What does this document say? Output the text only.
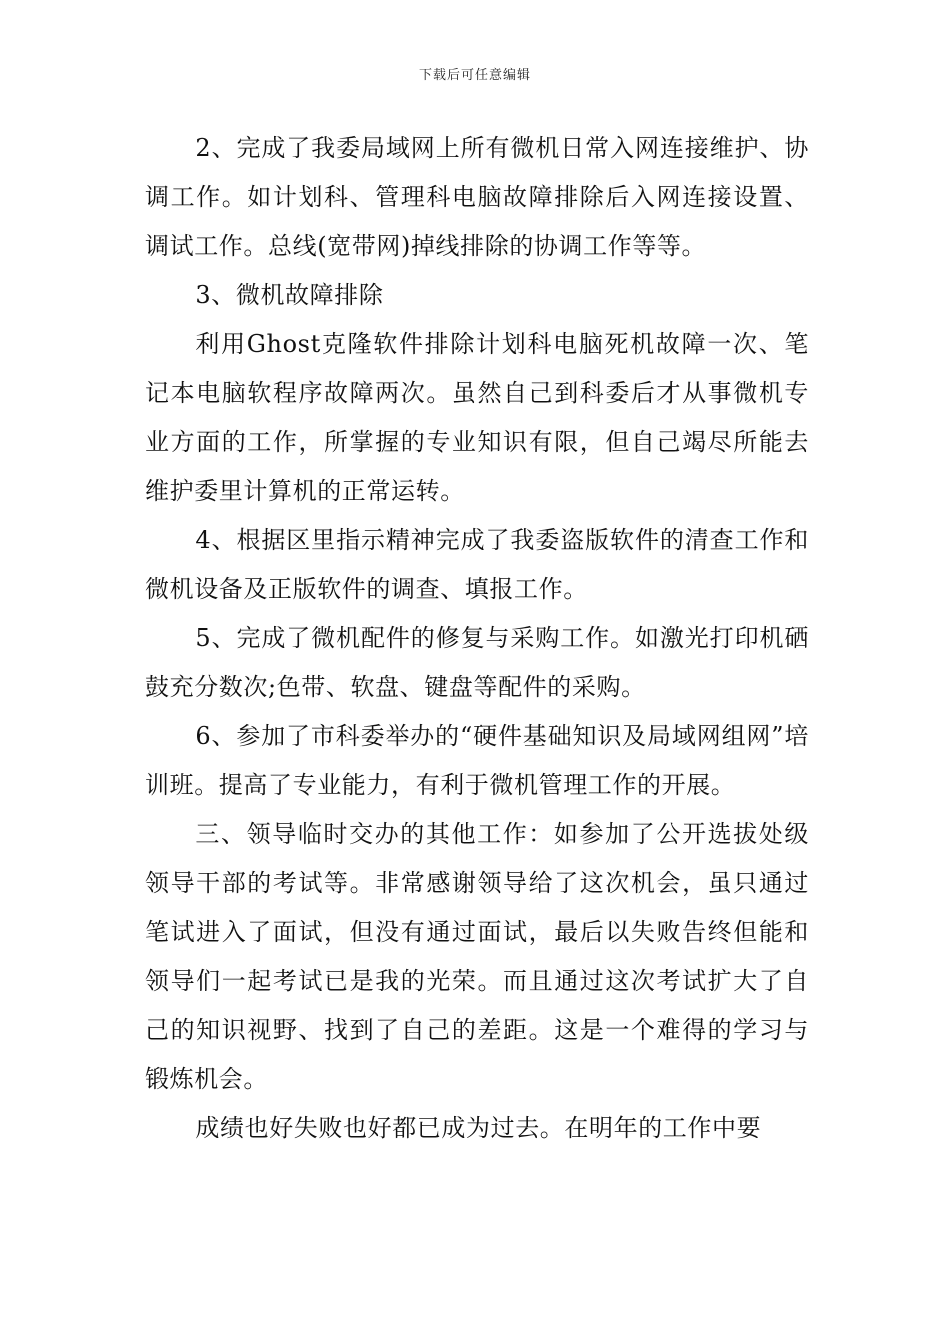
下载后可任意编辑

2、完成了我委局域网上所有微机日常入网连接维护、协调工作。如计划科、管理科电脑故障排除后入网连接设置、调试工作。总线(宽带网)掉线排除的协调工作等等。

3、微机故障排除

利用Ghost克隆软件排除计划科电脑死机故障一次、笔记本电脑软程序故障两次。虽然自己到科委后才从事微机专业方面的工作，所掌握的专业知识有限，但自己竭尽所能去维护委里计算机的正常运转。

4、根据区里指示精神完成了我委盗版软件的清查工作和微机设备及正版软件的调查、填报工作。

5、完成了微机配件的修复与采购工作。如激光打印机硒鼓充分数次;色带、软盘、键盘等配件的采购。

6、参加了市科委举办的“硬件基础知识及局域网组网”培训班。提高了专业能力，有利于微机管理工作的开展。

三、领导临时交办的其他工作：如参加了公开选拔处级领导干部的考试等。非常感谢领导给了这次机会，虽只通过笔试进入了面试，但没有通过面试，最后以失败告终但能和领导们一起考试已是我的光荣。而且通过这次考试扩大了自己的知识视野、找到了自己的差距。这是一个难得的学习与锻炼机会。

成绩也好失败也好都已成为过去。在明年的工作中要
